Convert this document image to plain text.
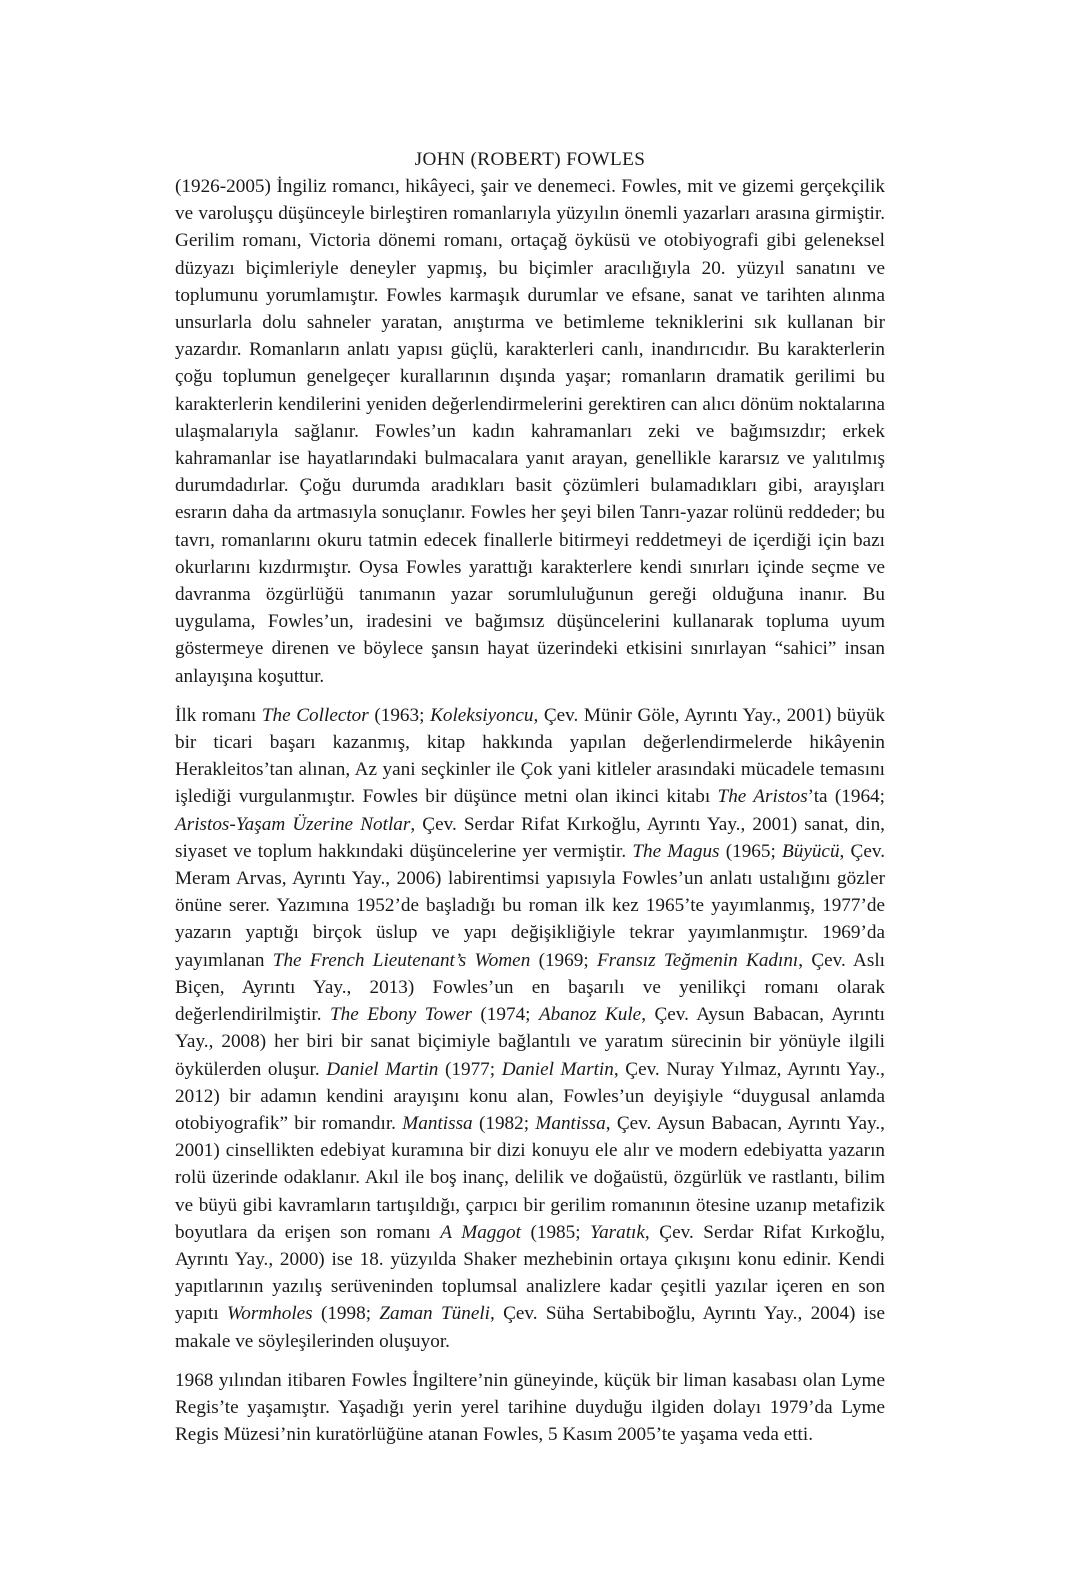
JOHN (ROBERT) FOWLES

(1926-2005) İngiliz romancı, hikâyeci, şair ve denemeci. Fowles, mit ve gizemi gerçekçilik ve varoluşçu düşünceyle birleştiren romanlarıyla yüzyılın önemli yazarları arasına girmiştir. Gerilim romanı, Victoria dönemi romanı, ortaçağ öyküsü ve otobiyografi gibi geleneksel düzyazı biçimleriyle deneyler yapmış, bu biçimler aracılığıyla 20. yüzyıl sanatını ve toplumunu yorumlamıştır. Fowles karmaşık durumlar ve efsane, sanat ve tarihten alınma unsurlarla dolu sahneler yaratan, anıştırma ve betimleme tekniklerini sık kullanan bir yazardır. Romanların anlatı yapısı güçlü, karakterleri canlı, inandırıcıdır. Bu karakterlerin çoğu toplumun genelgeçer kurallarının dışında yaşar; romanların dramatik gerilimi bu karakterlerin kendilerini yeniden değerlendirmelerini gerektiren can alıcı dönüm noktalarına ulaşmalarıyla sağlanır. Fowles’un kadın kahramanları zeki ve bağımsızdır; erkek kahramanlar ise hayatlarındaki bulmacalara yanıt arayan, genellikle kararsız ve yalıtılmış durumdadırlar. Çoğu durumda aradıkları basit çözümleri bulamadıkları gibi, arayışları esrarın daha da artmasıyla sonuçlanır. Fowles her şeyi bilen Tanrı-yazar rolünü reddeder; bu tavrı, romanlarını okuru tatmin edecek finallerle bitirmeyi reddetmeyi de içerdiği için bazı okurlarını kızdırmıştır. Oysa Fowles yarattığı karakterlere kendi sınırları içinde seçme ve davranma özgürlüğü tanımanın yazar sorumluluğunun gereği olduğuna inanır. Bu uygulama, Fowles’un, iradesini ve bağımsız düşüncelerini kullanarak topluma uyum göstermeye direnen ve böylece şansın hayat üzerindeki etkisini sınırlayan “sahici” insan anlayışına koşuttur.

İlk romanı The Collector (1963; Koleksiyoncu, Çev. Münir Göle, Ayrıntı Yay., 2001) büyük bir ticari başarı kazanmış, kitap hakkında yapılan değerlendirmelerde hikâyenin Herakleitos’tan alınan, Az yani seçkinler ile Çok yani kitleler arasındaki mücadele temasını işlediği vurgulanmıştır. Fowles bir düşünce metni olan ikinci kitabı The Aristos’ta (1964; Aristos-Yaşam Üzerine Notlar, Çev. Serdar Rifat Kırkoğlu, Ayrıntı Yay., 2001) sanat, din, siyaset ve toplum hakkındaki düşüncelerine yer vermiştir. The Magus (1965; Büyücü, Çev. Meram Arvas, Ayrıntı Yay., 2006) labirentimsi yapısıyla Fowles’un anlatı ustalığını gözler önüne serer. Yazımına 1952’de başladığı bu roman ilk kez 1965’te yayımlanmış, 1977’de yazarın yaptığı birçok üslup ve yapı değişikliğiyle tekrar yayımlanmıştır. 1969’da yayımlanan The French Lieutenant’s Women (1969; Fransız Teğmenin Kadını, Çev. Aslı Biçen, Ayrıntı Yay., 2013) Fowles’un en başarılı ve yenilikçi romanı olarak değerlendirilmiştir. The Ebony Tower (1974; Abanoz Kule, Çev. Aysun Babacan, Ayrıntı Yay., 2008) her biri bir sanat biçimiyle bağlantılı ve yaratım sürecinin bir yönüyle ilgili öykülerden oluşur. Daniel Martin (1977; Daniel Martin, Çev. Nuray Yılmaz, Ayrıntı Yay., 2012) bir adamın kendini arayışını konu alan, Fowles’un deyişiyle “duygusal anlamda otobiyografik” bir romandır. Mantissa (1982; Mantissa, Çev. Aysun Babacan, Ayrıntı Yay., 2001) cinsellikten edebiyat kuramına bir dizi konuyu ele alır ve modern edebiyatta yazarın rolü üzerinde odaklanır. Akıl ile boş inanç, delilik ve doğaüstü, özgürlük ve rastlantı, bilim ve büyü gibi kavramların tartışıldığı, çarpıcı bir gerilim romanının ötesine uzanıp metafizik boyutlara da erişen son romanı A Maggot (1985; Yaratık, Çev. Serdar Rifat Kırkoğlu, Ayrıntı Yay., 2000) ise 18. yüzyılda Shaker mezhebinin ortaya çıkışını konu edinir. Kendi yapıtlarının yazılış serüveninden toplumsal analizlere kadar çeşitli yazılar içeren en son yapıtı Wormholes (1998; Zaman Tüneli, Çev. Süha Sertabiboğlu, Ayrıntı Yay., 2004) ise makale ve söyleşilerinden oluşuyor.

1968 yılından itibaren Fowles İngiltere’nin güneyinde, küçük bir liman kasabası olan Lyme Regis’te yaşamıştır. Yaşadığı yerin yerel tarihine duyduğu ilgiden dolayı 1979’da Lyme Regis Müzesi’nin kuratörlüğüne atanan Fowles, 5 Kasım 2005’te yaşama veda etti.
